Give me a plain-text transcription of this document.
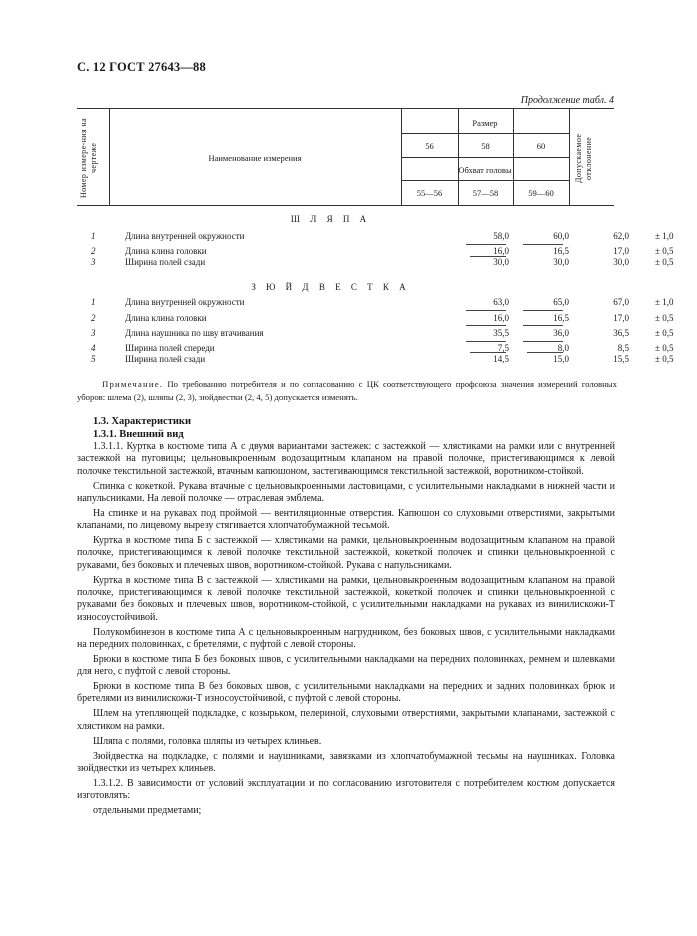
С. 12 ГОСТ 27643—88
Продолжение табл. 4
Номер измере-ния на чертеже	Наименование измерения
Размер
56	58	60
Обхват головы
55—56	57—58	59—60
Допускаемое отклонение
Ш Л Я П А
1	Длина внутренней окружности	58,0	60,0	62,0	± 1,0
2	Длина клина головки	16,0	16,5	17,0	± 0,5
3	Ширина полей сзади	30,0	30,0	30,0	± 0,5
З Ю Й Д В Е С Т К А
1	Длина внутренней окружности	63,0	65,0	67,0	± 1,0
2	Длина клина головки	16,0	16,5	17,0	± 0,5
3	Длина наушника по шву втачивания	35,5	36,0	36,5	± 0,5
4	Ширина полей спереди	7,5	8,0	8,5	± 0,5
5	Ширина полей сзади	14,5	15,0	15,5	± 0,5
Примечание. По требованию потребителя и по согласованию с ЦК соответствующего профсоюза значения измерений головных уборов: шлема (2), шляпы (2, 3), зюйдвестки (2, 4, 5) допускается изменять.
1.3. Характеристики
1.3.1. Внешний вид

1.3.1.1. Куртка в костюме типа А с двумя вариантами застежек: с застежкой — хлястиками на рамки или с внутренней застежкой на пуговицы; цельновыкроенным водозащитным клапаном на правой полочке, пристегивающимся к левой полочке текстильной застежкой, втачным капюшоном, застегивающимся текстильной застежкой, воротником-стойкой.

Спинка с кокеткой. Рукава втачные с цельновыкроенными ластовицами, с усилительными накладками в нижней части и напульсниками. На левой полочке — отраслевая эмблема.

На спинке и на рукавах под проймой — вентиляционные отверстия. Капюшон со слуховыми отверстиями, закрытыми клапанами, по лицевому вырезу стягивается хлопчатобумажной тесьмой.

Куртка в костюме типа Б с застежкой — хлястиками на рамки, цельновыкроенным водозащитным клапаном на правой полочке, пристегивающимся к левой полочке текстильной застежкой, кокеткой полочек и спинки цельновыкроенной с рукавами, без боковых и плечевых швов, воротником-стойкой. Рукава с напульсниками.

Куртка в костюме типа В с застежкой — хлястиками на рамки, цельновыкроенным водозащитным клапаном на правой полочке, пристегивающимся к левой полочке текстильной застежкой, кокеткой полочек и спинки цельновыкроенной с рукавами без боковых и плечевых швов, воротником-стойкой, с усилительными накладками на рукавах из винилискожи-Т износоустойчивой.

Полукомбинезон в костюме типа А с цельновыкроенным нагрудником, без боковых швов, с усилительными накладками на передних половинках, с бретелями, с пуфтой с левой стороны.

Брюки в костюме типа Б без боковых швов, с усилительными накладками на передних половинках, ремнем и шлевками для него, с пуфтой с левой стороны.

Брюки в костюме типа В без боковых швов, с усилительными накладками на передних и задних половинках брюк и бретелями из винилискожи-Т износоустойчивой, с пуфтой с левой стороны.

Шлем на утепляющей подкладке, с козырьком, пелериной, слуховыми отверстиями, закрытыми клапанами, застежкой с хлястиком на рамки.

Шляпа с полями, головка шляпы из четырех клиньев.

Зюйдвестка на подкладке, с полями и наушниками, завязками из хлопчатобумажной тесьмы на наушниках. Головка зюйдвестки из четырех клиньев.

1.3.1.2. В зависимости от условий эксплуатации и по согласованию изготовителя с потребителем костюм допускается изготовлять:

отдельными предметами;
